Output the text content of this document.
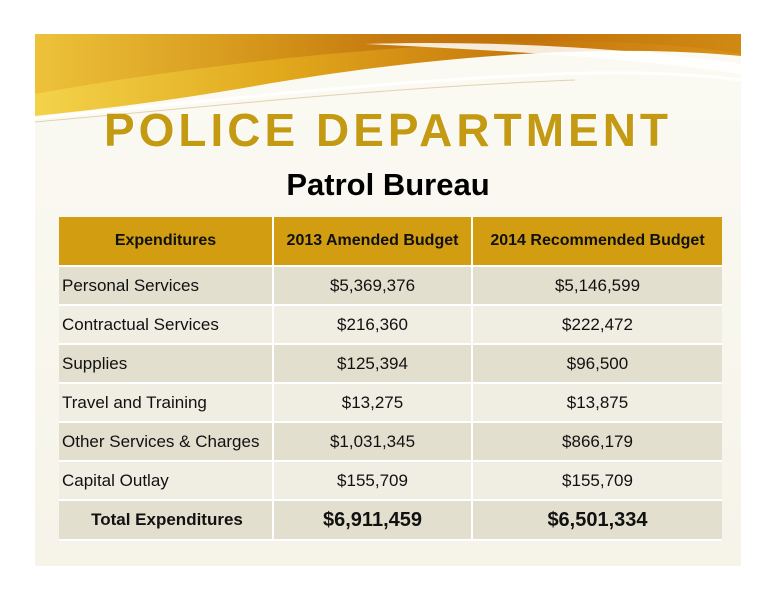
POLICE DEPARTMENT
Patrol Bureau
Expenditures	2013 Amended Budget	2014 Recommended Budget
Personal Services	$5,369,376	$5,146,599
Contractual Services	$216,360	$222,472
Supplies	$125,394	$96,500
Travel and Training	$13,275	$13,875
Other Services & Charges	$1,031,345	$866,179
Capital Outlay	$155,709	$155,709
Total Expenditures	$6,911,459	$6,501,334
